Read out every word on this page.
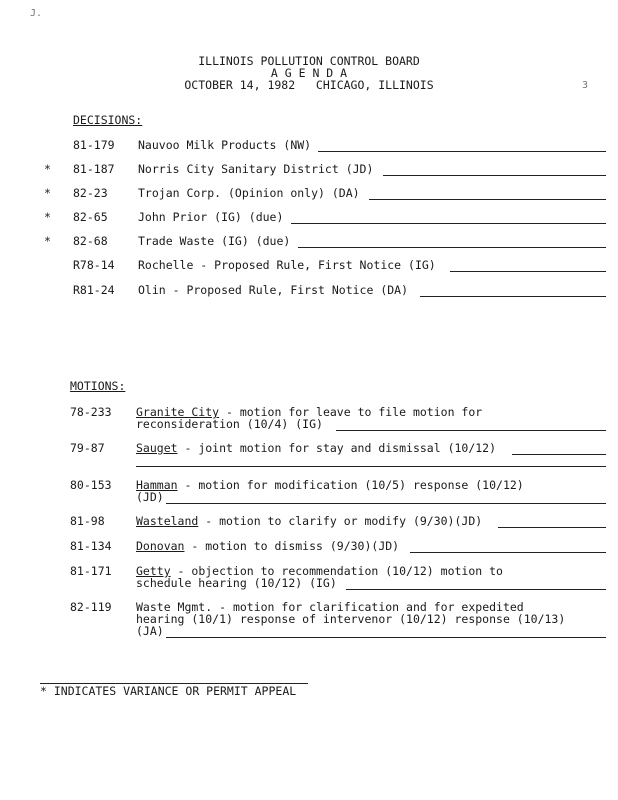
J.
ILLINOIS POLLUTION CONTROL BOARD
A G E N D A
OCTOBER 14, 1982   CHICAGO, ILLINOIS	3
DECISIONS:
81-179 Nauvoo Milk Products (NW)
* 81-187 Norris City Sanitary District (JD)
* 82-23	Trojan Corp. (Opinion only) (DA)
* 82-65	John Prior (IG) (due)
* 82-68	Trade Waste (IG) (due)
R78-14 Rochelle - Proposed Rule, First Notice (IG)
R81-24 Olin - Proposed Rule, First Notice (DA)
MOTIONS:
78-233 Granite City - motion for leave to file motion for
reconsideration (10/4) (IG)
79-87	Sauget - joint motion for stay and dismissal (10/12)
80-153 Hamman - motion for modification (10/5) response (10/12)
(JD)
81-98	Wasteland - motion to clarify or modify (9/30)(JD)
81-134 Donovan - motion to dismiss (9/30)(JD)
81-171 Getty - objection to recommendation (10/12) motion to
schedule hearing (10/12) (IG)
82-119 Waste Mgmt. - motion for clarification and for expedited
hearing (10/1) response of intervenor (10/12) response (10/13)
(JA)
* INDICATES VARIANCE OR PERMIT APPEAL
